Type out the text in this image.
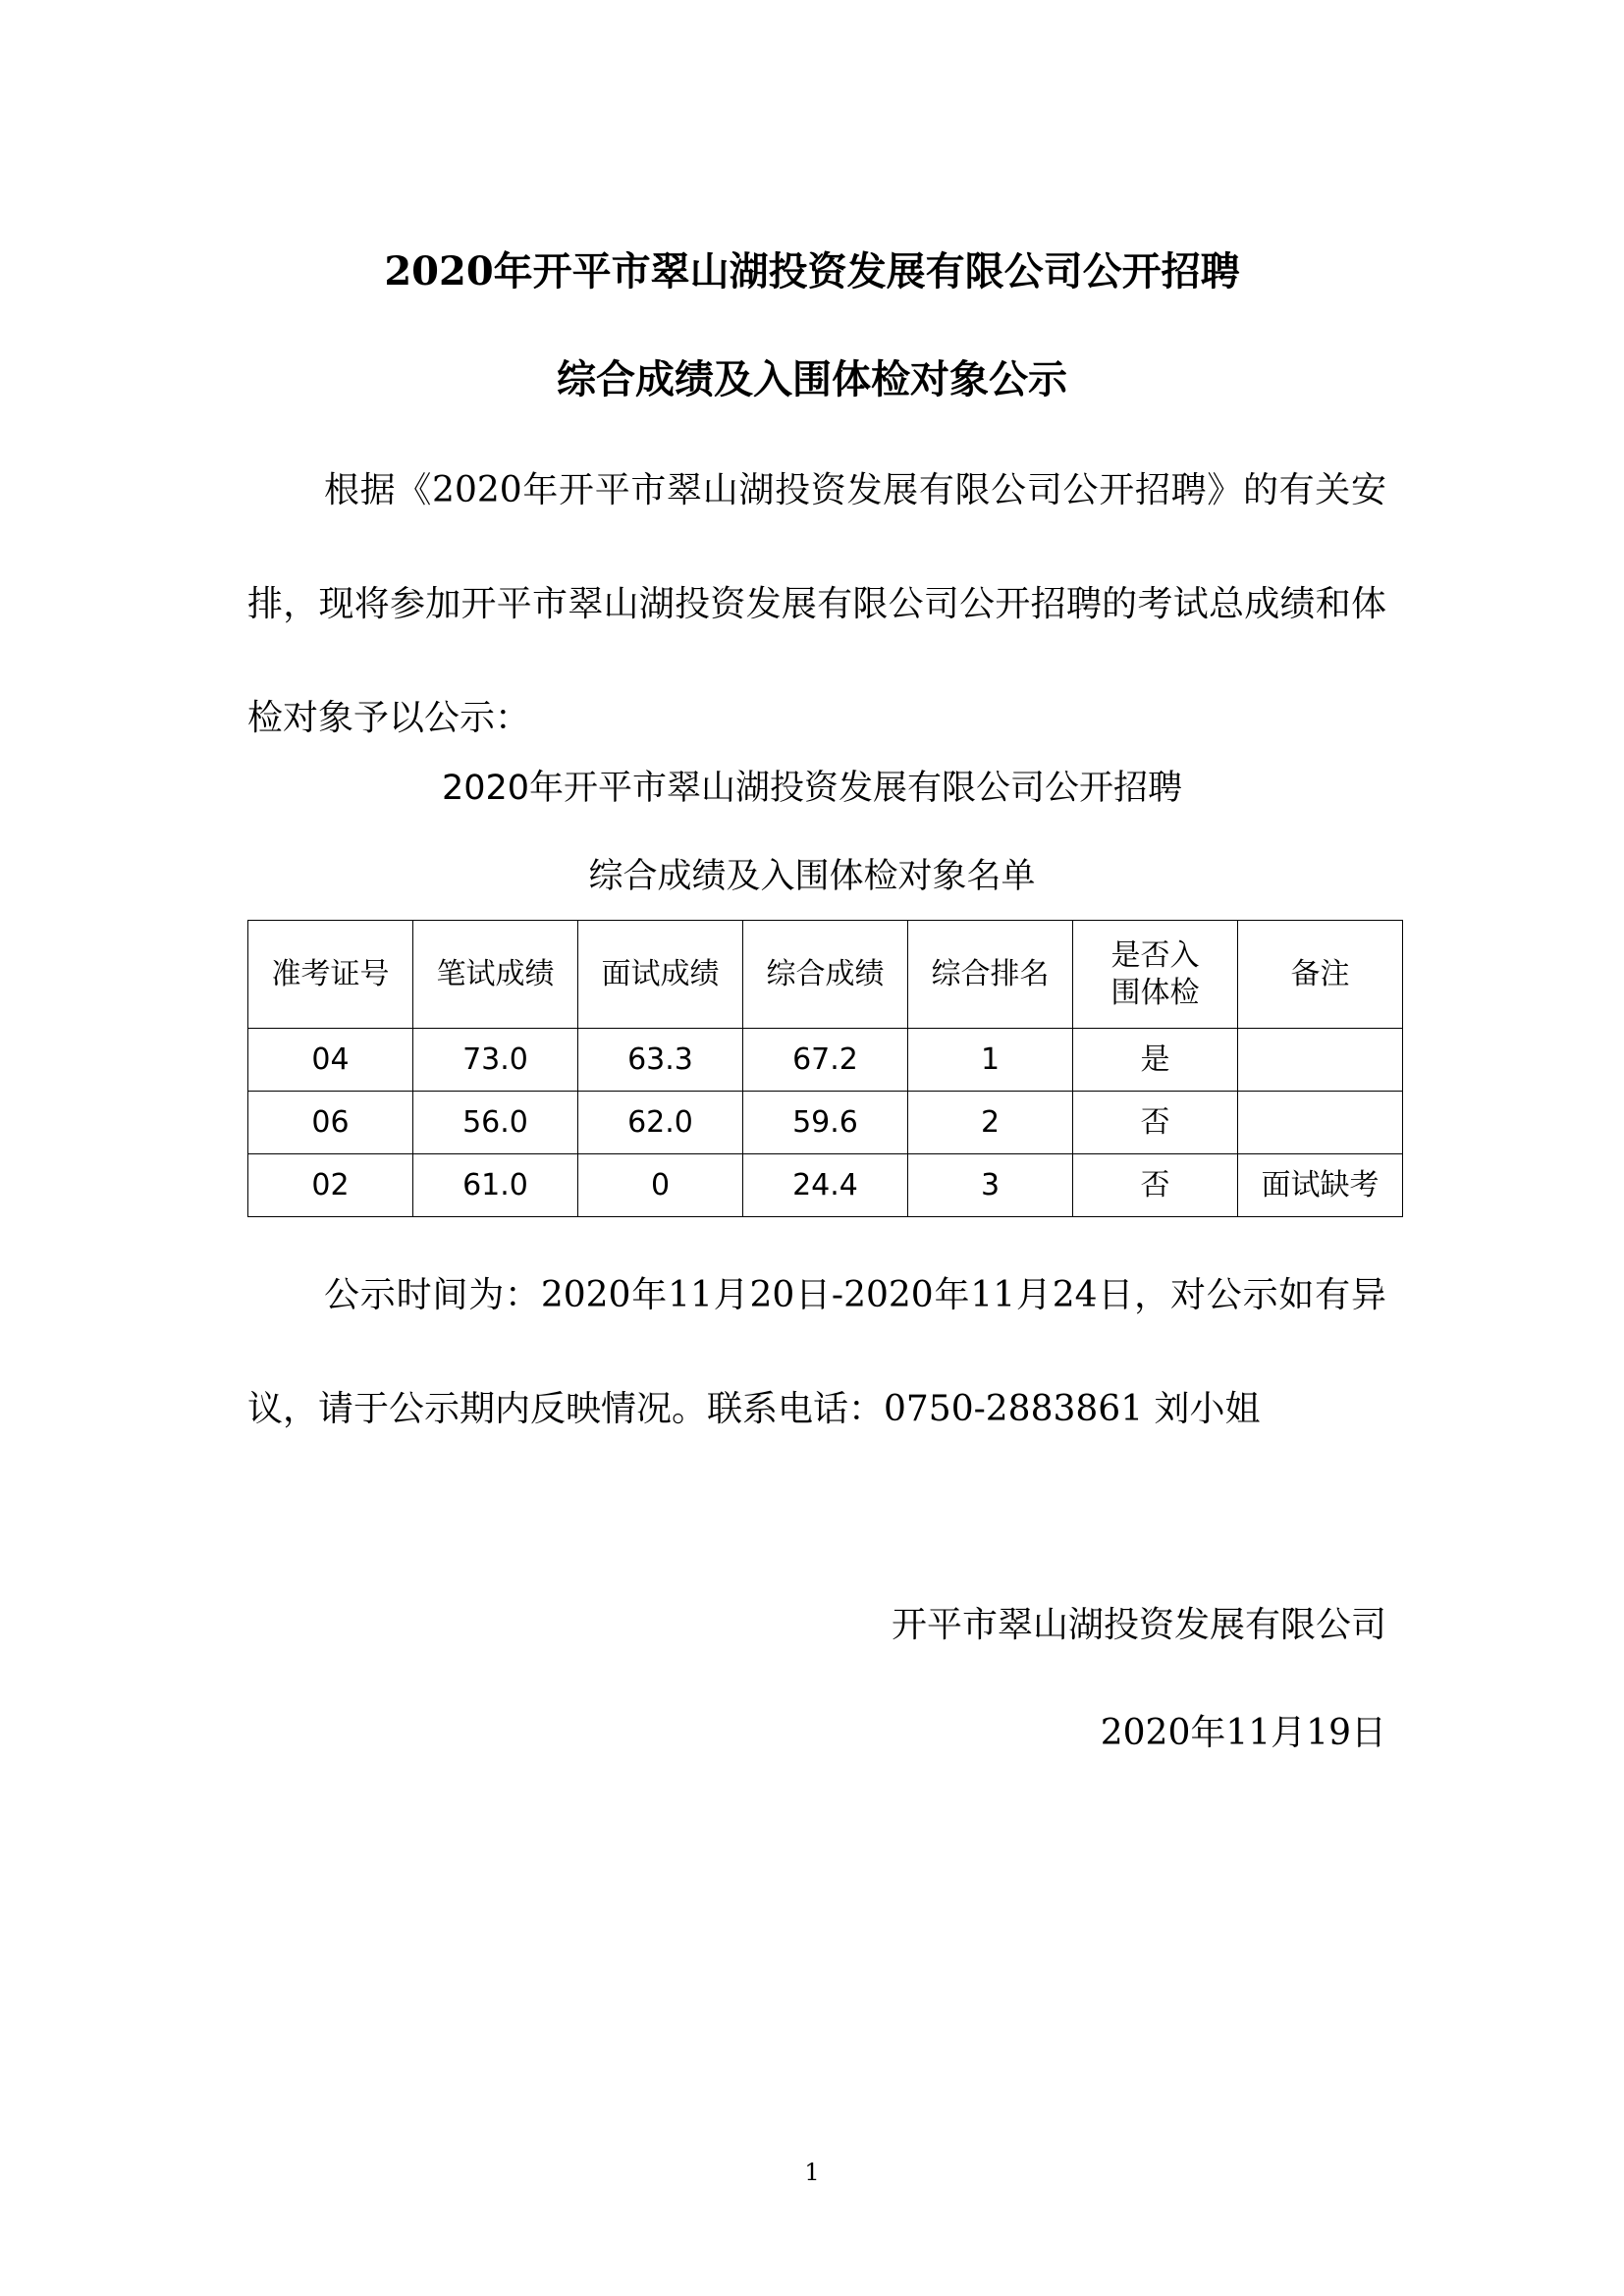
2020年开平市翠山湖投资发展有限公司公开招聘
综合成绩及入围体检对象公示
根据《2020年开平市翠山湖投资发展有限公司公开招聘》的有关安排，现将参加开平市翠山湖投资发展有限公司公开招聘的考试总成绩和体检对象予以公示：
2020年开平市翠山湖投资发展有限公司公开招聘
综合成绩及入围体检对象名单
准考证号	笔试成绩	面试成绩	综合成绩	综合排名	是否入围体检	备注
04	73.0	63.3	67.2	1	是	
06	56.0	62.0	59.6	2	否	
02	61.0	0	24.4	3	否	面试缺考
公示时间为：2020年11月20日-2020年11月24日，对公示如有异议，请于公示期内反映情况。联系电话：0750-2883861 刘小姐
开平市翠山湖投资发展有限公司
2020年11月19日
1
